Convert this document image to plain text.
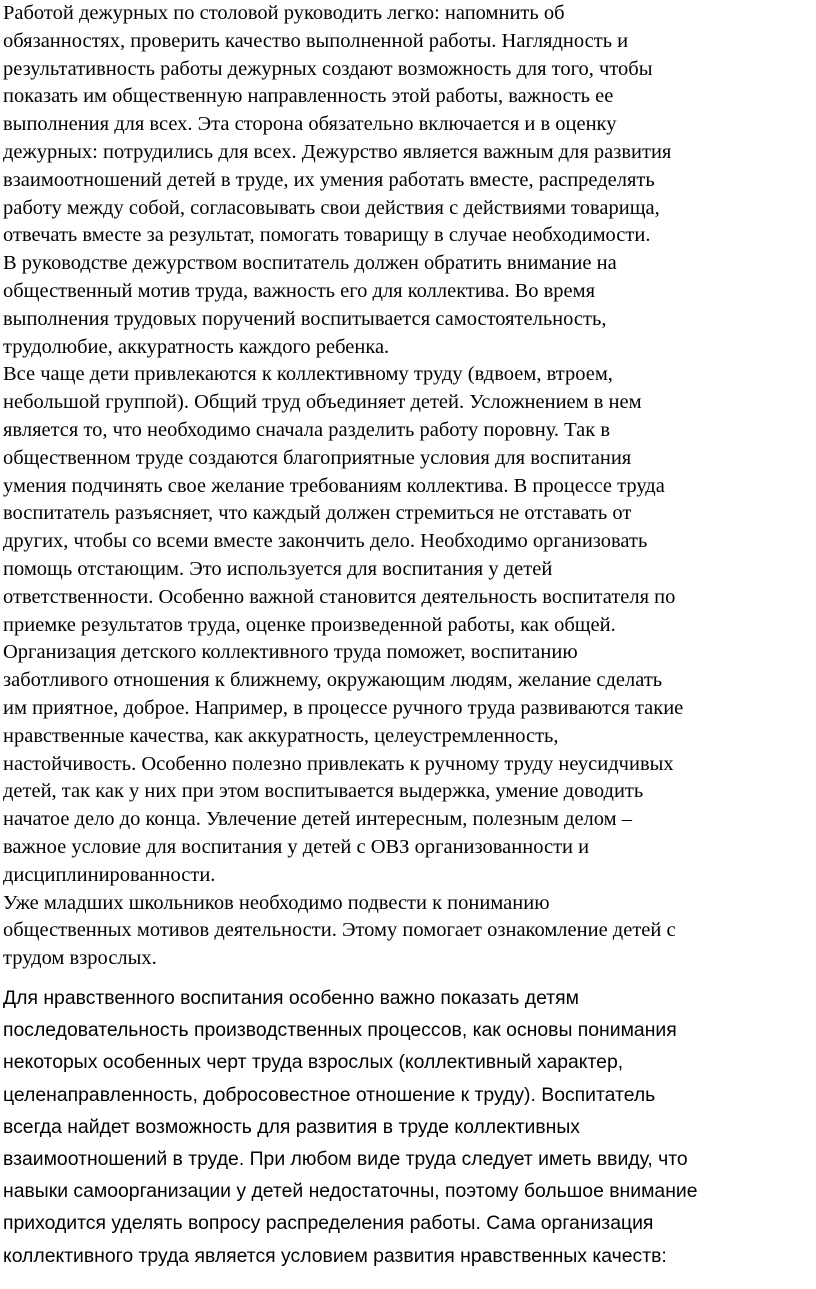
Работой дежурных по столовой руководить легко: напомнить об
обязанностях, проверить качество выполненной работы. Наглядность и
результативность работы дежурных создают возможность для того, чтобы
показать им общественную направленность этой работы, важность ее
выполнения для всех. Эта сторона обязательно включается и в оценку
дежурных: потрудились для всех. Дежурство является важным для развития
взаимоотношений детей в труде, их умения работать вместе, распределять
работу между собой, согласовывать свои действия с действиями товарища,
отвечать вместе за результат, помогать товарищу в случае необходимости.
В руководстве дежурством воспитатель должен обратить внимание на
общественный мотив труда, важность его для коллектива. Во время
выполнения трудовых поручений воспитывается самостоятельность,
трудолюбие, аккуратность каждого ребенка.
Все чаще дети привлекаются к коллективному труду (вдвоем, втроем,
небольшой группой). Общий труд объединяет детей. Усложнением в нем
является то, что необходимо сначала разделить работу поровну. Так в
общественном труде создаются благоприятные условия для воспитания
умения подчинять свое желание требованиям коллектива. В процессе труда
воспитатель разъясняет, что каждый должен стремиться не отставать от
других, чтобы со всеми вместе закончить дело. Необходимо организовать
помощь отстающим. Это используется для воспитания у детей
ответственности. Особенно важной становится деятельность воспитателя по
приемке результатов труда, оценке произведенной работы, как общей.
Организация детского коллективного труда поможет, воспитанию
заботливого отношения к ближнему, окружающим людям, желание сделать
им приятное, доброе. Например, в процессе ручного труда развиваются такие
нравственные качества, как аккуратность, целеустремленность,
настойчивость. Особенно полезно привлекать к ручному труду неусидчивых
детей, так как у них при этом воспитывается выдержка, умение доводить
начатое дело до конца. Увлечение детей интересным, полезным делом –
важное условие для воспитания у детей с ОВЗ организованности и
дисциплинированности.
Уже младших школьников необходимо подвести к пониманию
общественных мотивов деятельности. Этому помогает ознакомление детей с
трудом взрослых.
Для нравственного воспитания особенно важно показать детям
последовательность производственных процессов, как основы понимания
некоторых особенных черт труда взрослых (коллективный характер,
целенаправленность, добросовестное отношение к труду). Воспитатель
всегда найдет возможность для развития в труде коллективных
взаимоотношений в труде. При любом виде труда следует иметь ввиду, что
навыки самоорганизации у детей недостаточны, поэтому большое внимание
приходится уделять вопросу распределения работы. Сама организация
коллективного труда является условием развития нравственных качеств:
